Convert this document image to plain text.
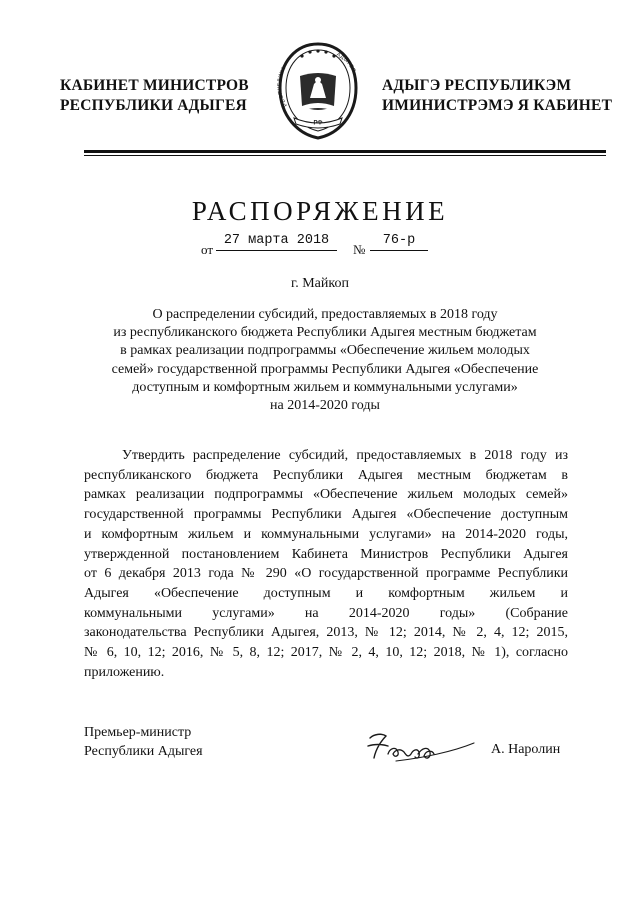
КАБИНЕТ МИНИСТРОВ
РЕСПУБЛИКИ АДЫГЕЯ	РЕСПУБЛИКА
АДЫГЕЯ
РФ
АДЫГЭ РЕСПУБЛИКЭМ
ИМИНИСТРЭМЭ Я КАБИНЕТ
РАСПОРЯЖЕНИЕ
от
27 марта 2018
№
76-р
г. Майкоп
О распределении субсидий, предоставляемых в 2018 году
из республиканского бюджета Республики Адыгея местным бюджетам
в рамках реализации подпрограммы «Обеспечение жильем молодых
семей» государственной программы Республики Адыгея «Обеспечение
доступным и комфортным жильем и коммунальными услугами»
на 2014-2020 годы
Утвердить распределение субсидий, предоставляемых в 2018 году из
республиканского бюджета Республики Адыгея местным бюджетам в
рамках реализации подпрограммы «Обеспечение жильем молодых семей»
государственной программы Республики Адыгея «Обеспечение доступным
и комфортным жильем и коммунальными услугами» на 2014-2020 годы,
утвержденной постановлением Кабинета Министров Республики Адыгея
от 6 декабря 2013 года № 290 «О государственной программе Республики
Адыгея «Обеспечение доступным и комфортным жильем и
коммунальными услугами» на 2014-2020 годы» (Собрание
законодательства Республики Адыгея, 2013, № 12; 2014, № 2, 4, 12; 2015,
№ 6, 10, 12; 2016, № 5, 8, 12; 2017, № 2, 4, 10, 12; 2018, № 1), согласно
приложению.
Премьер-министр
Республики Адыгея	А. Наролин
